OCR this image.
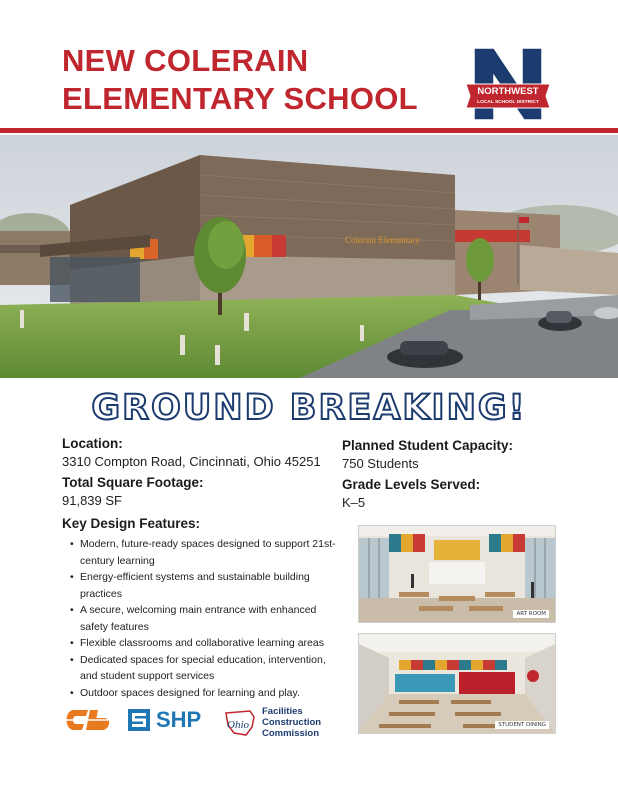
NEW COLERAIN
ELEMENTARY SCHOOL	NORTHWEST
LOCAL SCHOOL DISTRICT
Colerain Elementary
GROUND BREAKING!
Location:
3310 Compton Road, Cincinnati, Ohio 45251
Total Square Footage:
91,839 SF
Planned Student Capacity:
750 Students
Grade Levels Served:
K–5
Key Design Features:
• Modern, future-ready spaces designed to support 21st-century learning
• Energy-efficient systems and sustainable building practices
• A secure, welcoming main entrance with enhanced safety features
• Flexible classrooms and collaborative learning areas
• Dedicated spaces for special education, intervention, and student support services
• Outdoor spaces designed for learning and play.
ART ROOM
STUDENT DINING
SHP Ohio
Facilities
Construction
Commission
